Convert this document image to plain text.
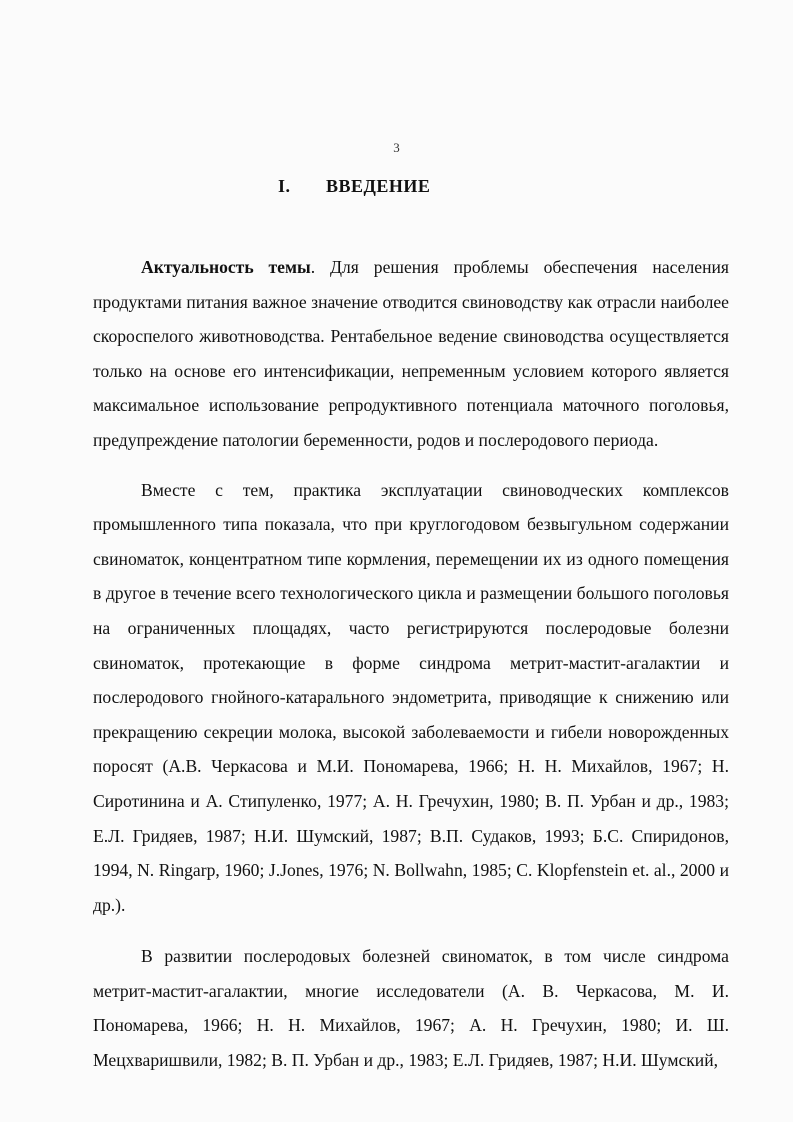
3
I. ВВЕДЕНИЕ

Актуальность темы. Для решения проблемы обеспечения населения продуктами питания важное значение отводится свиноводству как отрасли наиболее скороспелого животноводства. Рентабельное ведение свиноводства осуществляется только на основе его интенсификации, непременным условием которого является максимальное использование репродуктивного потенциала маточного поголовья, предупреждение патологии беременности, родов и послеродового периода.

Вместе с тем, практика эксплуатации свиноводческих комплексов промышленного типа показала, что при круглогодовом безвыгульном содержании свиноматок, концентратном типе кормления, перемещении их из одного помещения в другое в течение всего технологического цикла и размещении большого поголовья на ограниченных площадях, часто регистрируются послеродовые болезни свиноматок, протекающие в форме синдрома метрит-мастит-агалактии и послеродового гнойного-катарального эндометрита, приводящие к снижению или прекращению секреции молока, высокой заболеваемости и гибели новорожденных поросят (А.В. Черкасова и М.И. Пономарева, 1966; Н. Н. Михайлов, 1967; Н. Сиротинина и А. Стипуленко, 1977; А. Н. Гречухин, 1980; В. П. Урбан и др., 1983; Е.Л. Гридяев, 1987; Н.И. Шумский, 1987; В.П. Судаков, 1993; Б.С. Спиридонов, 1994, N. Ringarp, 1960; J.Jones, 1976; N. Bollwahn, 1985; C. Klopfenstein et. al., 2000 и др.).

В развитии послеродовых болезней свиноматок, в том числе синдрома метрит-мастит-агалактии, многие исследователи (А. В. Черкасова, М. И. Пономарева, 1966; Н. Н. Михайлов, 1967; А. Н. Гречухин, 1980; И. Ш. Мецхваришвили, 1982; В. П. Урбан и др., 1983; Е.Л. Гридяев, 1987; Н.И. Шумский,
